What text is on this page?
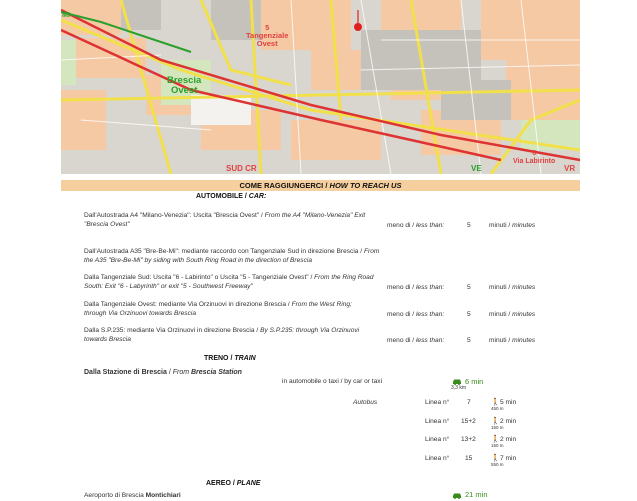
5
Tangenziale
Ovest
Brescia
Ovest
6
Via Labirinto
SUD CR	VE	VR
MI
COME RAGGIUNGERCI / HOW TO REACH US
AUTOMOBILE / CAR:
Dall'Autostrada A4 "Milano-Venezia": Uscita "Brescia Ovest" / From the A4 "Milano-Venezia" Exit "Brescia Ovest"	meno di / less than:	5	minuti / minutes
Dall'Autostrada A35 "Bre-Be-Mi": mediante raccordo con Tangenziale Sud in direzione Brescia / From the A35 "Bre-Be-Mi" by siding with South Ring Road in the direction of Brescia
Dalla Tangenziale Sud: Uscita "6 - Labirinto" o Uscita "5 - Tangenziale Ovest" / From the Ring Road South: Exit "6 - Labyrinth" or exit "5 - Southwest Freeway"	meno di / less than:	5	minuti / minutes
Dalla Tangenziale Ovest: mediante Via Orzinuovi in direzione Brescia / From the West Ring; through Via Orzinuovi towards Brescia	meno di / less than:	5	minuti / minutes
Dalla S.P.235: mediante Via Orzinuovi in direzione Brescia / By S.P.235: through Via Orzinuovi towards Brescia	meno di / less than:	5	minuti / minutes
TRENO / TRAIN
Dalla Stazione di Brescia / From Brescia Station
in automobile o taxi / by car or taxi	6 min
3,3 km
Autobus	Linea n°	7	🚶 5 min
450 m
Linea n° 15+2 🚶 2 min
150 m
Linea n° 13+2 🚶 2 min
150 m
Linea n° 15	🚶 7 min
550 m
AEREO / PLANE
Aeroporto di Brescia Montichiari	21 min
